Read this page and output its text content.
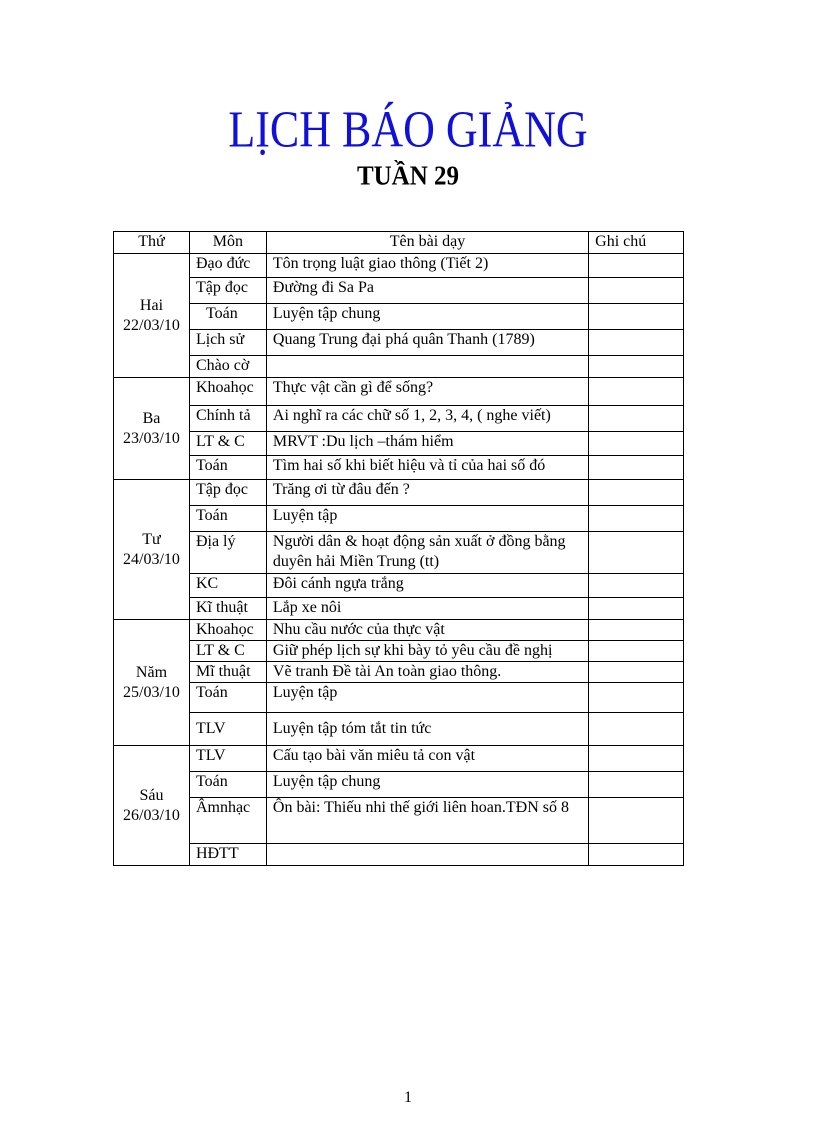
LỊCH BÁO GIẢNG
TUẦN 29
Thứ	Môn	Tên bài dạy	Ghi chú

Hai
22/03/10	Đạo đức	Tôn trọng luật giao thông (Tiết 2)	
	Tập đọc	Đường đi Sa Pa	
	Toán	Luyện tập chung	
	Lịch sử	Quang Trung đại phá quân Thanh (1789)	
	Chào cờ		

Ba
23/03/10	Khoahọc	Thực vật cần gì để sống?	
	Chính tả	Ai nghĩ ra các chữ số 1, 2, 3, 4, ( nghe viết)	
	LT & C	MRVT :Du lịch –thám hiểm	
	Toán	Tìm hai số khi biết hiệu và tỉ của hai số đó	

Tư
24/03/10	Tập đọc	Trăng ơi từ đâu đến ?	
	Toán	Luyện tập	
	Địa lý	Người dân & hoạt động sản xuất ở đồng bằng duyên hải Miền Trung (tt)	
	KC	Đôi cánh ngựa trắng	
	Kĩ thuật	Lắp xe nôi	

Năm
25/03/10	Khoahọc	Nhu cầu nước của thực vật	
	LT & C	Giữ phép lịch sự khi bày tỏ yêu cầu đề nghị	
	Mĩ thuật	Vẽ tranh Đề tài An toàn giao thông.	
	Toán	Luyện tập	
	TLV	Luyện tập tóm tắt tin tức	

Sáu
26/03/10	TLV	Cấu tạo bài văn miêu tả con vật	
	Toán	Luyện tập chung	
	Âmnhạc	Ôn bài: Thiếu nhi thế giới liên hoan.TĐN số 8	
	HĐTT		
1
